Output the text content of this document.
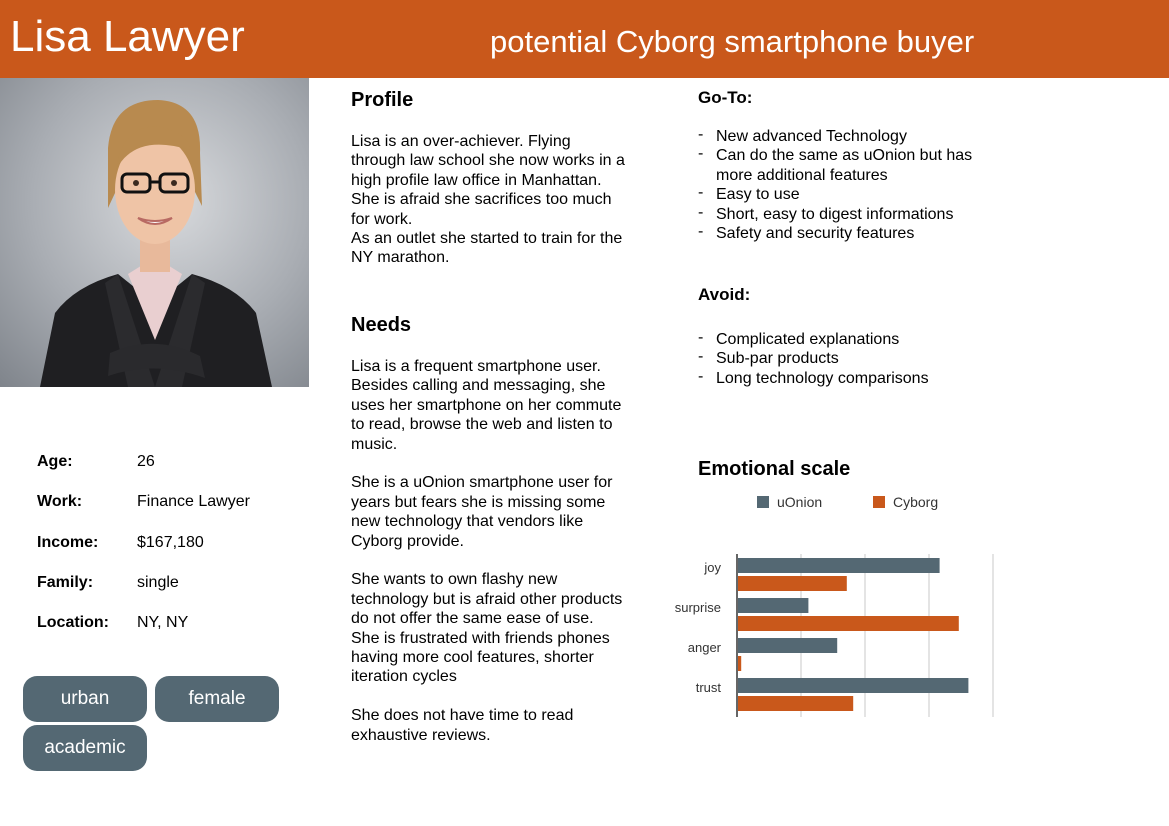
Lisa Lawyer	potential Cyborg smartphone buyer
Age:	26
Work:	Finance Lawyer
Income: $167,180
Family:	single
Location: NY, NY
urban	female
academic
Profile

Lisa is an over-achiever. Flying through law school she now works in a high profile law office in Manhattan.

She is afraid she sacrifices too much for work.

As an outlet she started to train for the NY marathon.

Needs

Lisa is a frequent smartphone user. Besides calling and messaging, she uses her smartphone on her commute to read, browse the web and listen to music.

She is a uOnion smartphone user for years but fears she is missing some new technology that vendors like Cyborg provide.

She wants to own flashy new technology but is afraid other products do not offer the same ease of use.

She is frustrated with friends phones having more cool features, shorter iteration cycles

She does not have time to read exhaustive reviews.

Go-To:
- New advanced Technology
- Can do the same as uOnion but has more additional features
- Easy to use
- Short, easy to digest informations
- Safety and security features
Avoid:
- Complicated explanations
- Sub-par products
- Long technology comparisons
Emotional scale
uOnion	Cyborg
joy
surprise
anger
trust
